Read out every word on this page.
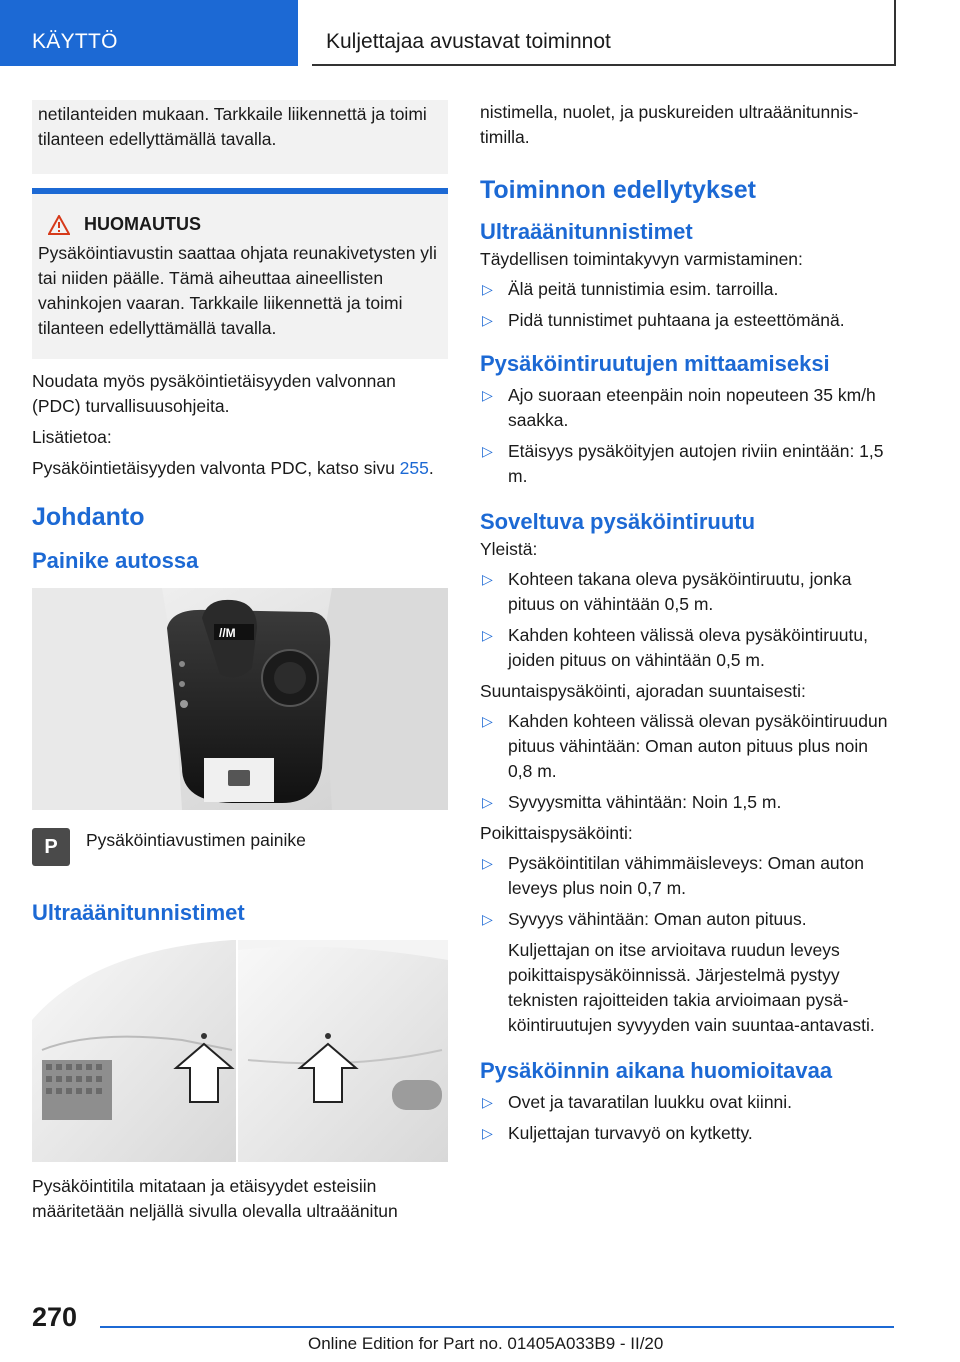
KÄYTTÖ	Kuljettajaa avustavat toiminnot
netilanteiden mukaan. Tarkkaile liikennettä ja toimi tilanteen edellyttämällä tavalla.
HUOMAUTUS
Pysäköintiavustin saattaa ohjata reunakivetysten yli tai niiden päälle. Tämä aiheuttaa aineellisten vahinkojen vaaran. Tarkkaile liikennettä ja toimi tilanteen edellyttämällä tavalla.

Noudata myös pysäköintietäisyyden valvonnan (PDC) turvallisuusohjeita.

Lisätietoa:

Pysäköintietäisyyden valvonta PDC, katso sivu 255.

Johdanto
Painike autossa
//M
P	Pysäköintiavustimen painike
Ultraäänitunnistimet

Pysäköintitila mitataan ja etäisyydet esteisiin määritetään neljällä sivulla olevalla ultraäänitun

nistimella, nuolet, ja puskureiden ultraäänitunnistimilla.

Toiminnon edellytykset
Ultraäänitunnistimet

Täydellisen toimintakyvyn varmistaminen:

▷ Älä peitä tunnistimia esim. tarroilla.
▷ Pidä tunnistimet puhtaana ja esteettömänä.
Pysäköintiruutujen mittaamiseksi
▷ Ajo suoraan eteenpäin noin nopeuteen 35 km/h saakka.
▷ Etäisyys pysäköityjen autojen riviin enintään: 1,5 m.
Soveltuva pysäköintiruutu

Yleistä:

▷ Kohteen takana oleva pysäköintiruutu, jonka pituus on vähintään 0,5 m.
▷ Kahden kohteen välissä oleva pysäköintiruutu, joiden pituus on vähintään 0,5 m.

Suuntaispysäköinti, ajoradan suuntaisesti:

▷ Kahden kohteen välissä olevan pysäköintiruudun pituus vähintään: Oman auton pituus plus noin 0,8 m.
▷ Syvyysmitta vähintään: Noin 1,5 m.

Poikittaispysäköinti:

▷ Pysäköintitilan vähimmäisleveys: Oman auton leveys plus noin 0,7 m.
▷ Syvyys vähintään: Oman auton pituus.
Kuljettajan on itse arvioitava ruudun leveys poikittaispysäköinnissä. Järjestelmä pystyy teknisten rajoitteiden takia arvioimaan pysäköintiruutujen syvyyden vain suuntaa-antavasti.
Pysäköinnin aikana huomioitavaa
▷ Ovet ja tavaratilan luukku ovat kiinni.
▷ Kuljettajan turvavyö on kytketty.
270
Online Edition for Part no. 01405A033B9 - II/20
